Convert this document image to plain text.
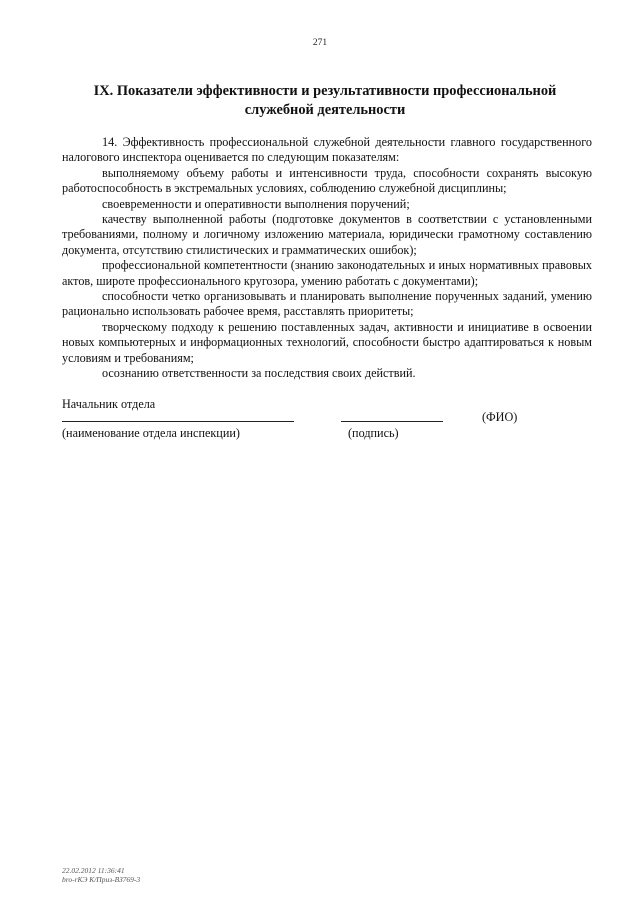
271
IX. Показатели эффективности и результативности профессиональной служебной деятельности

14. Эффективность профессиональной служебной деятельности главного государственного налогового инспектора оценивается по следующим показателям:

выполняемому объему работы и интенсивности труда, способности сохранять высокую работоспособность в экстремальных условиях, соблюдению служебной дисциплины;

своевременности и оперативности выполнения поручений;

качеству выполненной работы (подготовке документов в соответствии с установленными требованиями, полному и логичному изложению материала, юридически грамотному составлению документа, отсутствию стилистических и грамматических ошибок);

профессиональной компетентности (знанию законодательных и иных нормативных правовых актов, широте профессионального кругозора, умению работать с документами);

способности четко организовывать и планировать выполнение порученных заданий, умению рационально использовать рабочее время, расставлять приоритеты;

творческому подходу к решению поставленных задач, активности и инициативе в освоении новых компьютерных и информационных технологий, способности быстро адаптироваться к новым условиям и требованиям;

осознанию ответственности за последствия своих действий.

Начальник отдела
(ФИО)
(наименование отдела инспекции)	(подпись)
22.02.2012 11:36:41
bro-rКЭ К/Приз-ВЗ769-3
